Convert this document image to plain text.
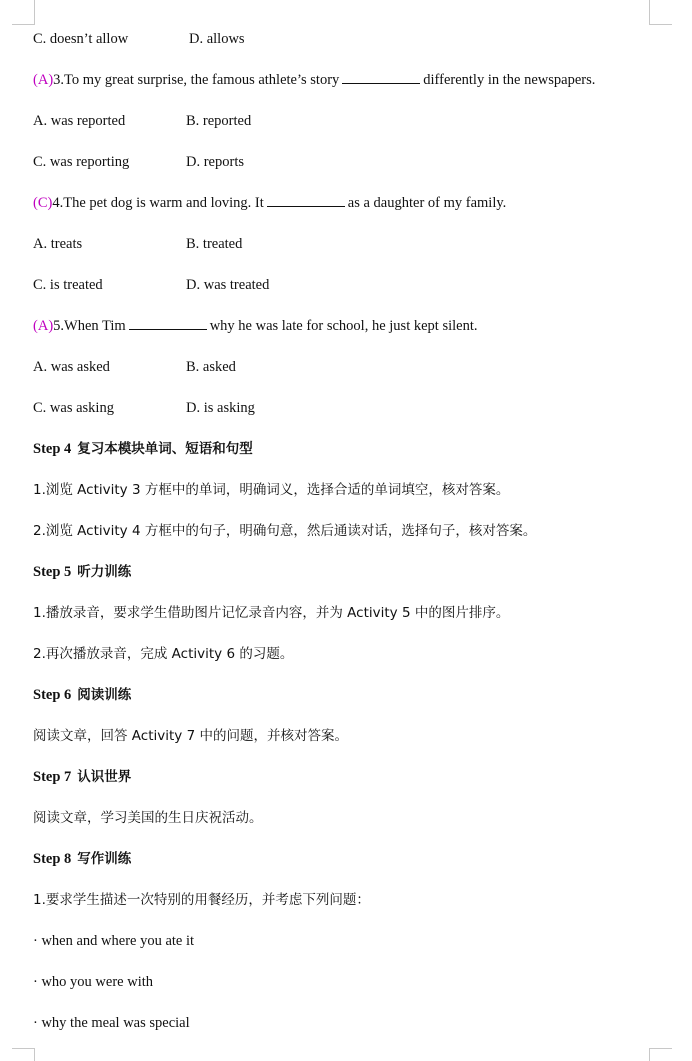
C. doesn’t allow	D. allows
(A)3.To my great surprise, the famous athlete’s story	differently in the newspapers.
A. was reported	B. reported
C. was reporting	D. reports
(C)4.The pet dog is warm and loving. It	as a daughter of my family.
A. treats	B. treated
C. is treated	D. was treated
(A)5.When Tim	why he was late for school, he just kept silent.
A. was asked	B. asked
C. was asking	D. is asking
Step 4 复习本模块单词、短语和句型
1.浏览 Activity 3 方框中的单词，明确词义，选择合适的单词填空，核对答案。
2.浏览 Activity 4 方框中的句子，明确句意，然后通读对话，选择句子，核对答案。
Step 5 听力训练
1.播放录音，要求学生借助图片记忆录音内容，并为 Activity 5 中的图片排序。
2.再次播放录音，完成 Activity 6 的习题。
Step 6 阅读训练
阅读文章，回答 Activity 7 中的问题，并核对答案。
Step 7 认识世界
阅读文章，学习美国的生日庆祝活动。
Step 8 写作训练
1.要求学生描述一次特别的用餐经历，并考虑下列问题：
· when and where you ate it
· who you were with
· why the meal was special
